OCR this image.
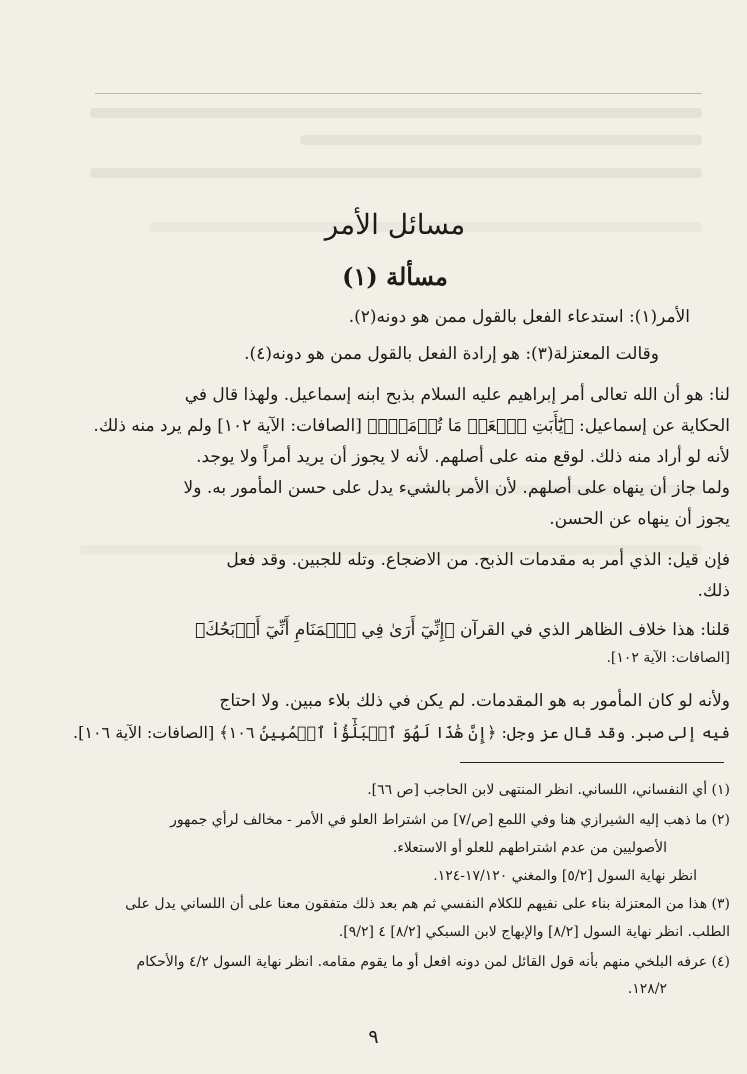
مسائل الأمر
مسألة (١)
الأمر(١): استدعاء الفعل بالقول ممن هو دونه(٢).
وقالت المعتزلة(٣): هو إرادة الفعل بالقول ممن هو دونه(٤).
لنا: هو أن الله تعالى أمر إبراهيم عليه السلام بذبح ابنه إسماعيل. ولهذا قال في
الحكاية عن إسماعيل: ﴿يَٰٓأَبَتِ ٱفۡعَلۡ مَا تُؤۡمَرُۖ﴾ [الصافات: الآية ١٠٢] ولم يرد منه ذلك.
لأنه لو أراد منه ذلك. لوقع منه على أصلهم. لأنه لا يجوز أن يريد أمراً ولا يوجد.
ولما جاز أن ينهاه على أصلهم. لأن الأمر بالشيء يدل على حسن المأمور به. ولا
يجوز أن ينهاه عن الحسن.
فإن قيل: الذي أمر به مقدمات الذبح. من الاضجاع. وتله للجبين. وقد فعل
ذلك.
قلنا: هذا خلاف الظاهر الذي في القرآن ﴿إِنِّيٓ أَرَىٰ فِي ٱلۡمَنَامِ أَنِّيٓ أَذۡبَحُكَ﴾
[الصافات: الآية ١٠٢].
ولأنه لو كان المأمور به هو المقدمات. لم يكن في ذلك بلاء مبين. ولا احتاج
فيه إلى صبر. وقد قال عز وجل: ﴿إِنَّ هَٰذَا لَهُوَ ٱلۡبَلَٰٓؤُاْ ٱلۡمُبِينُ ١٠٦﴾ [الصافات: الآية ١٠٦].
(١) أي النفساني، اللساني. انظر المنتهى لابن الحاجب [ص ٦٦].
(٢) ما ذهب إليه الشيرازي هنا وفي اللمع [ص/٧] من اشتراط العلو في الأمر - مخالف لرأي جمهور
الأصوليين من عدم اشتراطهم للعلو أو الاستعلاء.
انظر نهاية السول [٥/٢] والمغني ١٧/١٢٠-١٢٤.
(٣) هذا من المعتزلة بناء على نفيهم للكلام النفسي ثم هم بعد ذلك متفقون معنا على أن اللساني يدل على
الطلب. انظر نهاية السول [٨/٢] والإبهاج لابن السبكي [٨/٢] ٤ [٩/٢].
(٤) عرفه البلخي منهم بأنه قول القائل لمن دونه افعل أو ما يقوم مقامه. انظر نهاية السول ٤/٢ والأحكام
١٢٨/٢.
٩
